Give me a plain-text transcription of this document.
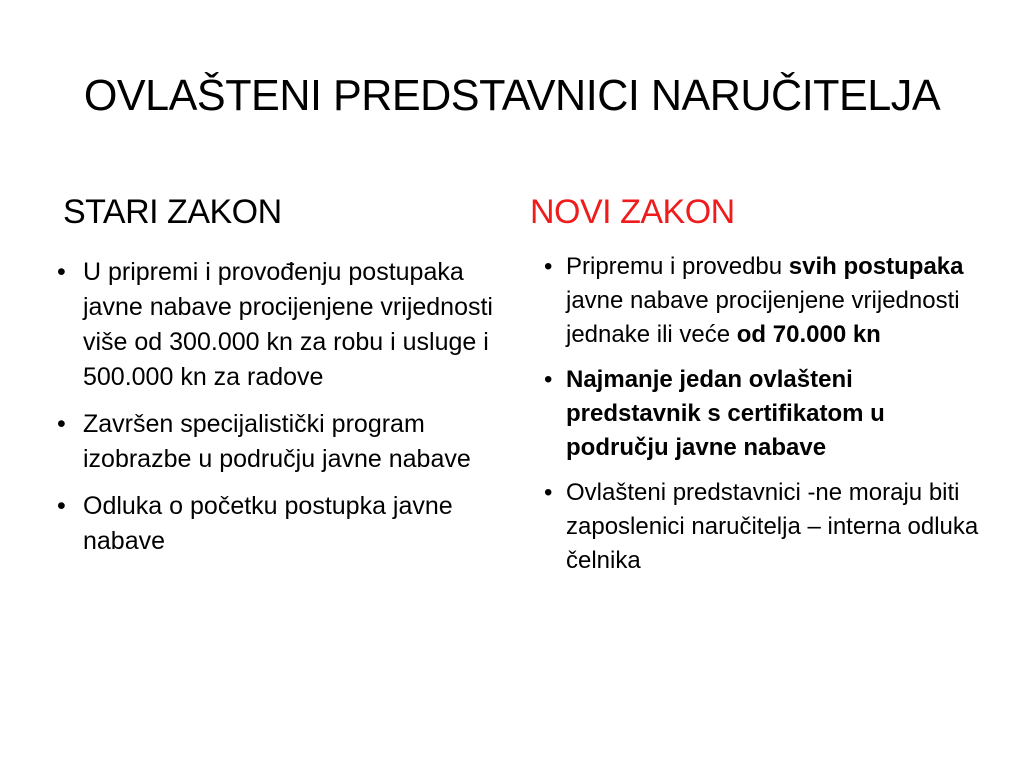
OVLAŠTENI PREDSTAVNICI NARUČITELJA
STARI ZAKON	NOVI ZAKON
• U pripremi i provođenju postupaka javne nabave procijenjene vrijednosti više od 300.000 kn za robu i usluge i 500.000 kn za radove
• Završen specijalistički program izobrazbe u području javne nabave
• Odluka o početku postupka javne nabave
• Pripremu i provedbu svih postupaka javne nabave procijenjene vrijednosti jednake ili veće od 70.000 kn
• Najmanje jedan ovlašteni predstavnik s certifikatom u području javne nabave
• Ovlašteni predstavnici -ne moraju biti zaposlenici naručitelja – interna odluka čelnika
